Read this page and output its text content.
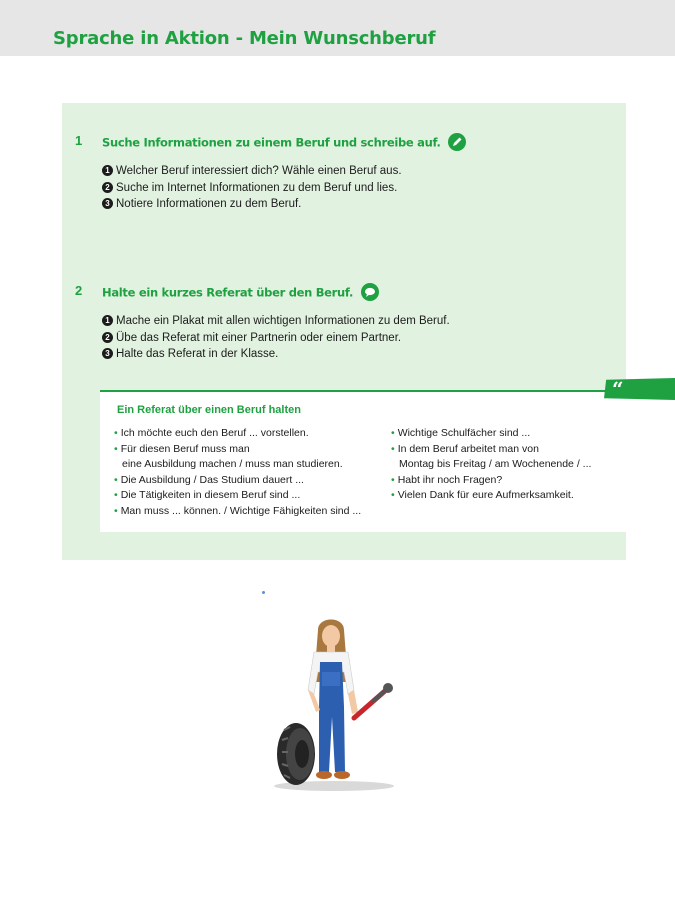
Sprache in Aktion - Mein Wunschberuf
1 Suche Informationen zu einem Beruf und schreibe auf.
1 Welcher Beruf interessiert dich? Wähle einen Beruf aus.
2 Suche im Internet Informationen zu dem Beruf und lies.
3 Notiere Informationen zu dem Beruf.
2 Halte ein kurzes Referat über den Beruf.
1 Mache ein Plakat mit allen wichtigen Informationen zu dem Beruf.
2 Übe das Referat mit einer Partnerin oder einem Partner.
3 Halte das Referat in der Klasse.
“
Ein Referat über einen Beruf halten
• Ich möchte euch den Beruf ... vorstellen.
• Für diesen Beruf muss man
eine Ausbildung machen / muss man studieren.
• Die Ausbildung / Das Studium dauert ...
• Die Tätigkeiten in diesem Beruf sind ...
• Man muss ... können. / Wichtige Fähigkeiten sind ...
• Wichtige Schulfächer sind ...
• In dem Beruf arbeitet man von
Montag bis Freitag / am Wochenende / ...
• Habt ihr noch Fragen?
• Vielen Dank für eure Aufmerksamkeit.
